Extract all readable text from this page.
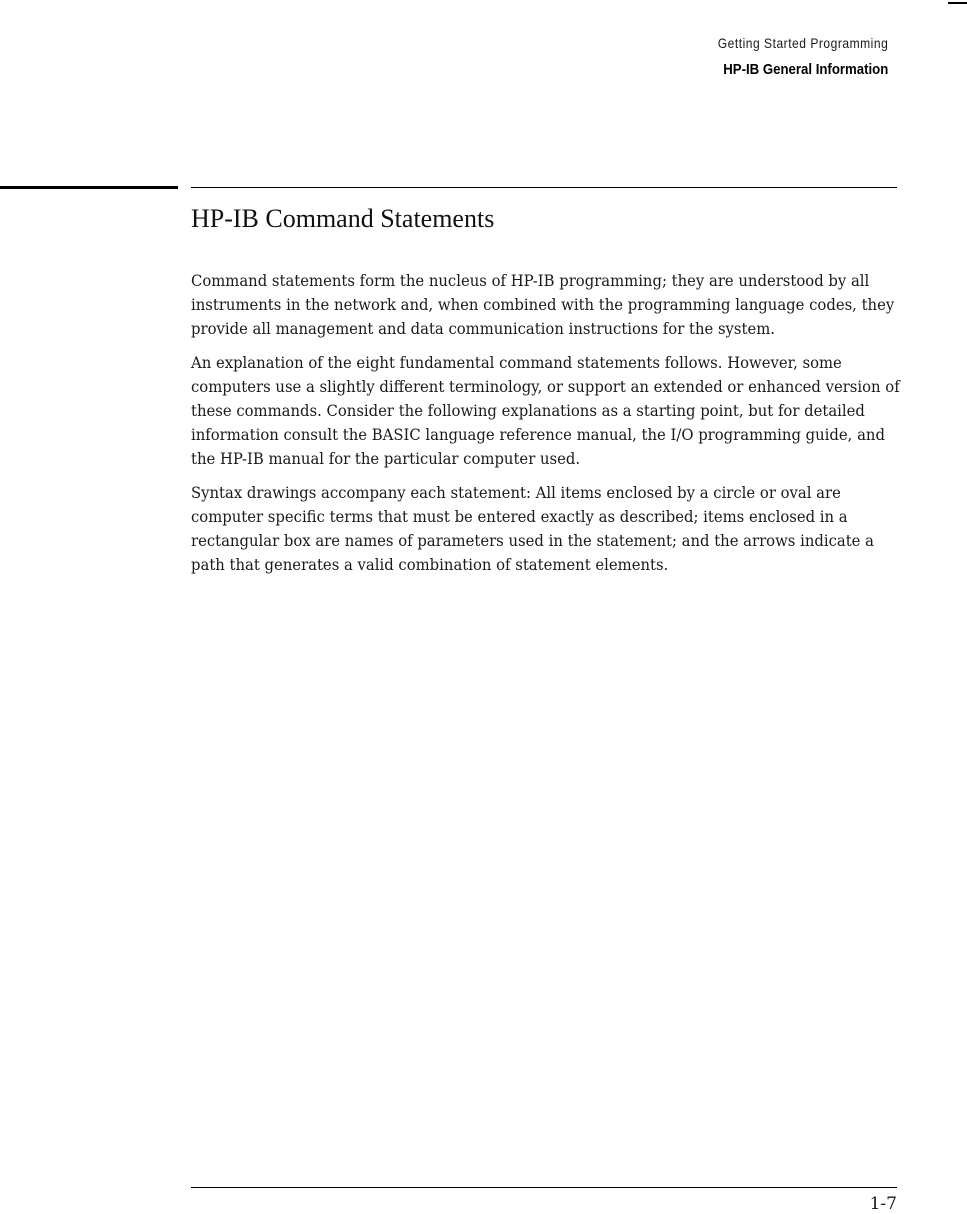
Getting Started Programming
HP-IB General Information
HP-IB Command Statements

Command statements form the nucleus of HP-IB programming; they are understood by all instruments in the network and, when combined with the programming language codes, they provide all management and data communication instructions for the system.

An explanation of the eight fundamental command statements follows. However, some computers use a slightly different terminology, or support an extended or enhanced version of these commands. Consider the following explanations as a starting point, but for detailed information consult the BASIC language reference manual, the I/O programming guide, and the HP-IB manual for the particular computer used.

Syntax drawings accompany each statement: All items enclosed by a circle or oval are computer specific terms that must be entered exactly as described; items enclosed in a rectangular box are names of parameters used in the statement; and the arrows indicate a path that generates a valid combination of statement elements.

1-7
